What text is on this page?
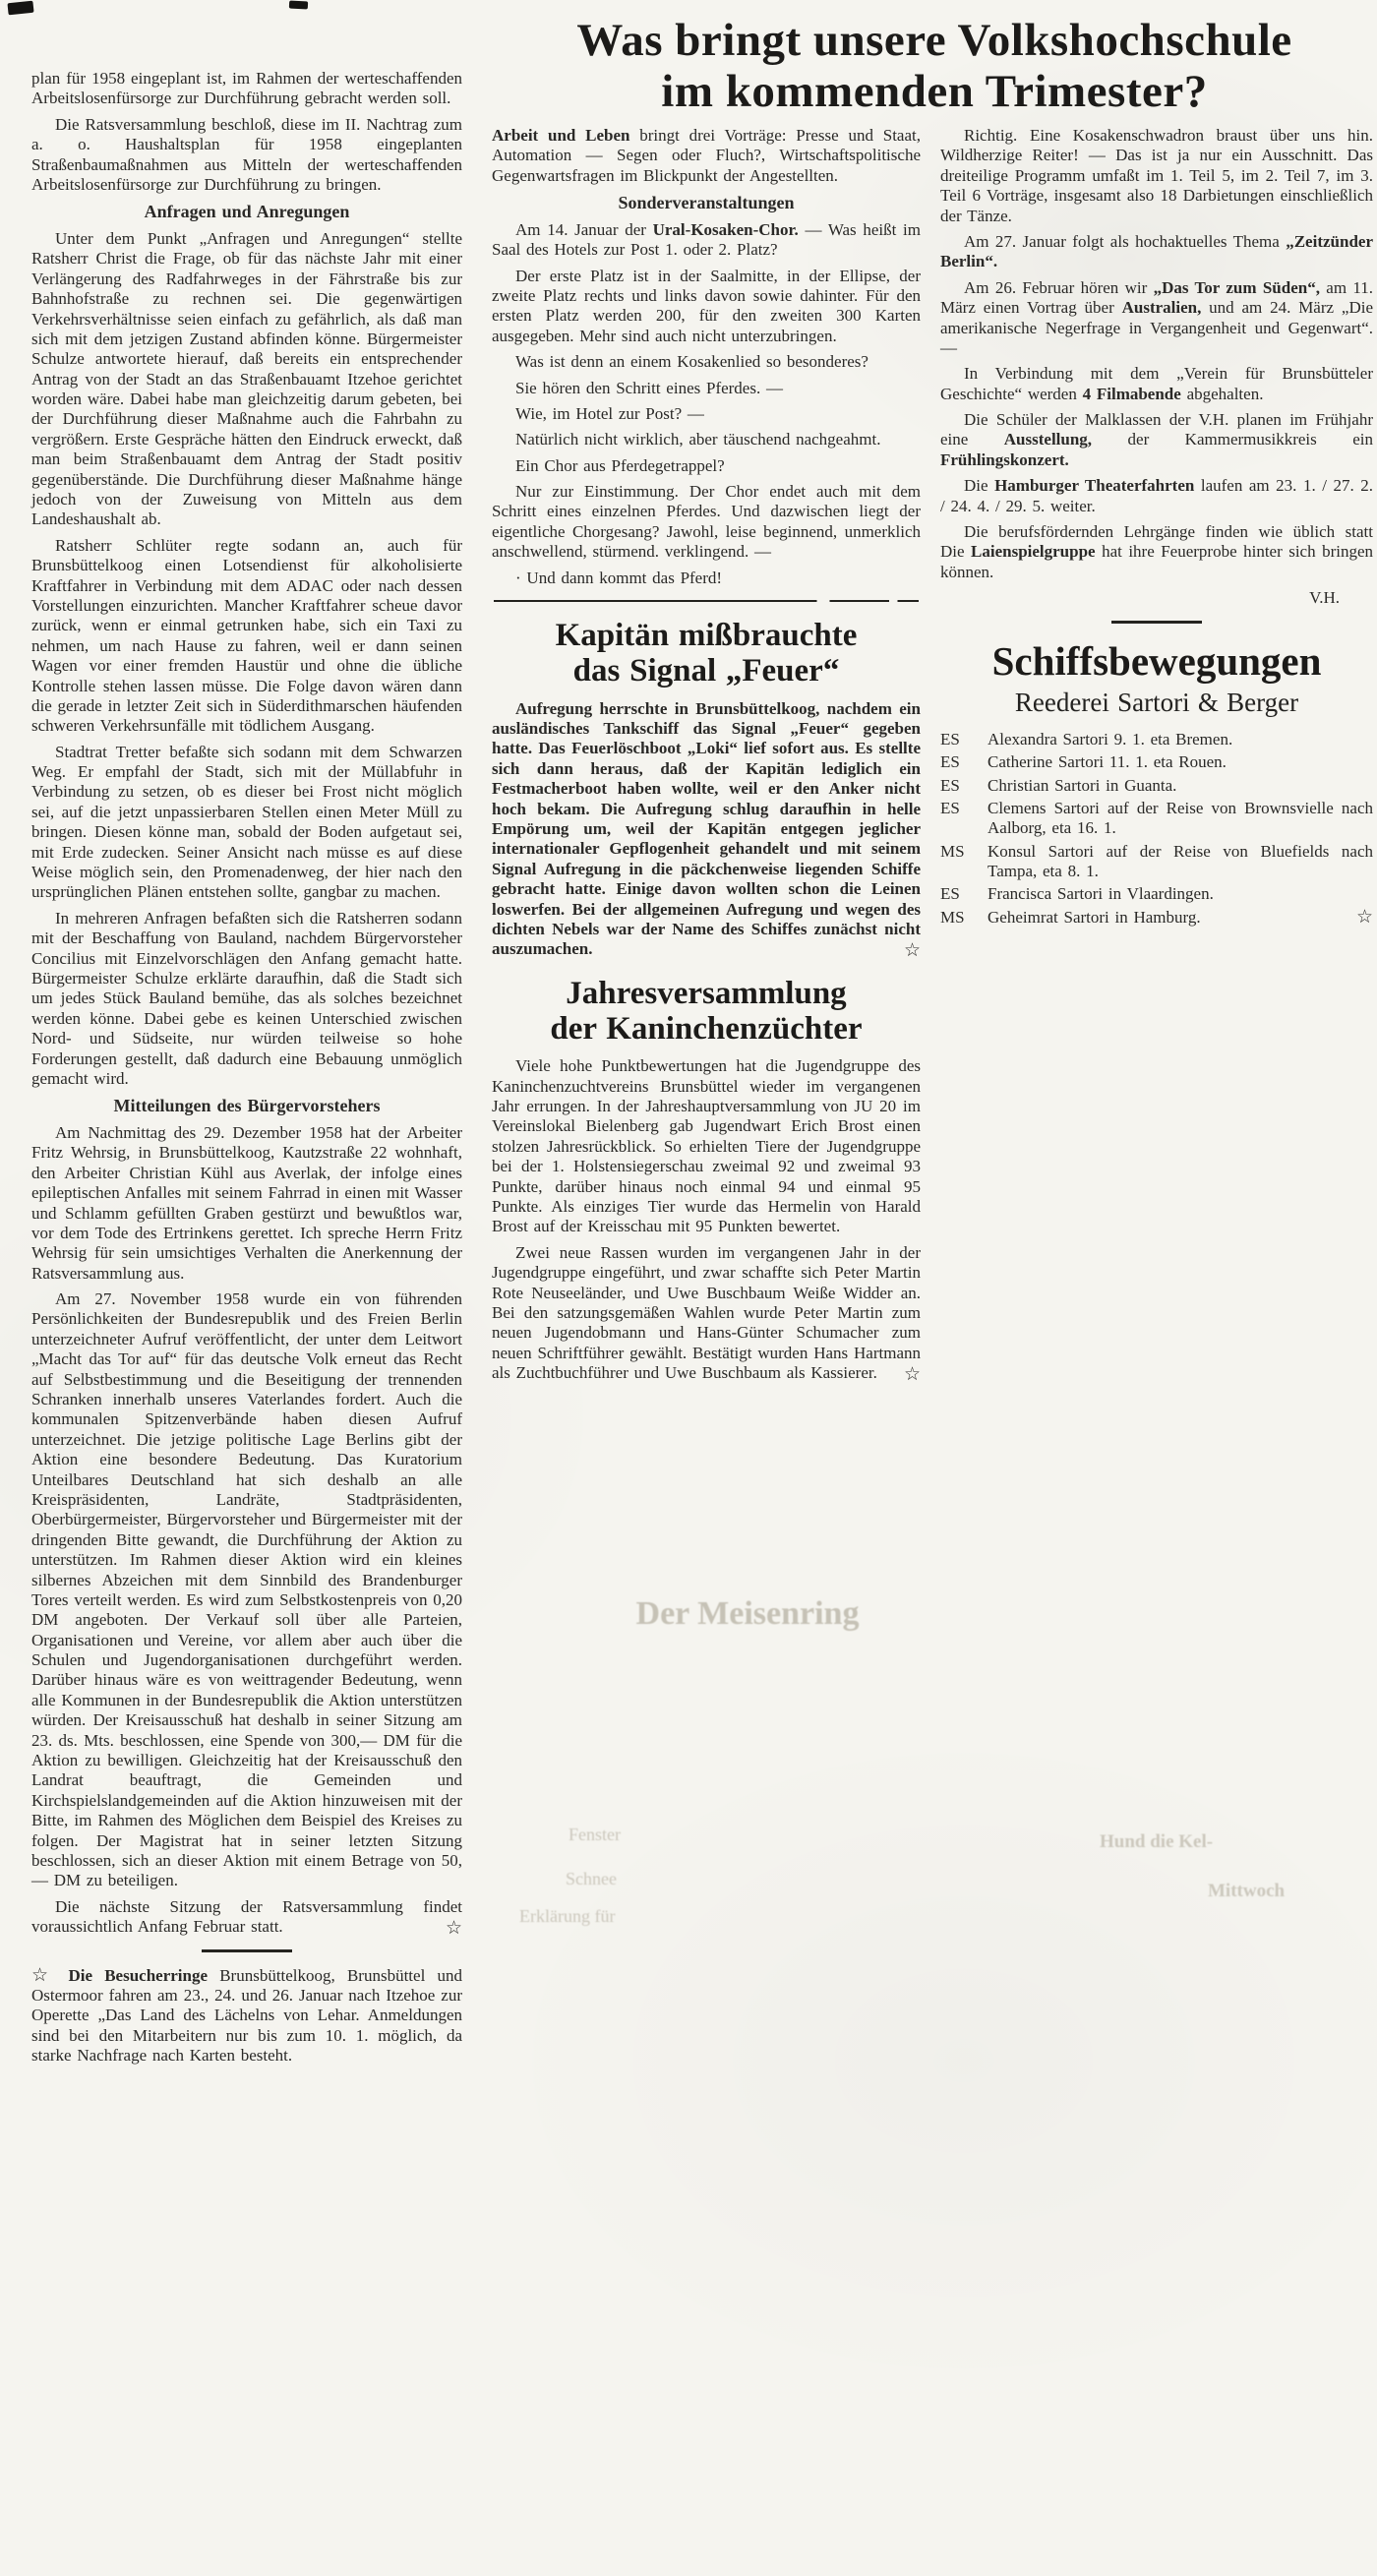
Der Meisenring
Fenster
Schnee
Erklärung für
Hund die Kel-
Mittwoch
Was bringt unsere Volkshochschule
im kommenden Trimester?

plan für 1958 eingeplant ist, im Rahmen der werteschaffenden Arbeitslosenfürsorge zur Durchführung gebracht werden soll.

Die Ratsversammlung beschloß, diese im II. Nachtrag zum a. o. Haushaltsplan für 1958 eingeplanten Straßenbaumaßnahmen aus Mitteln der werteschaffenden Arbeitslosenfürsorge zur Durchführung zu bringen.

Anfragen und Anregungen

Unter dem Punkt „Anfragen und Anregungen“ stellte Ratsherr Christ die Frage, ob für das nächste Jahr mit einer Verlängerung des Radfahrweges in der Fährstraße bis zur Bahnhofstraße zu rechnen sei. Die gegenwärtigen Verkehrsverhältnisse seien einfach zu gefährlich, als daß man sich mit dem jetzigen Zustand abfinden könne. Bürgermeister Schulze antwortete hierauf, daß bereits ein entsprechender Antrag von der Stadt an das Straßenbauamt Itzehoe gerichtet worden wäre. Dabei habe man gleichzeitig darum gebeten, bei der Durchführung dieser Maßnahme auch die Fahrbahn zu vergrößern. Erste Gespräche hätten den Eindruck erweckt, daß man beim Straßenbauamt dem Antrag der Stadt positiv gegenüberstände. Die Durchführung dieser Maßnahme hänge jedoch von der Zuweisung von Mitteln aus dem Landeshaushalt ab.

Ratsherr Schlüter regte sodann an, auch für Brunsbüttelkoog einen Lotsendienst für alkoholisierte Kraftfahrer in Verbindung mit dem ADAC oder nach dessen Vorstellungen einzurichten. Mancher Kraftfahrer scheue davor zurück, wenn er einmal getrunken habe, sich ein Taxi zu nehmen, um nach Hause zu fahren, weil er dann seinen Wagen vor einer fremden Haustür und ohne die übliche Kontrolle stehen lassen müsse. Die Folge davon wären dann die gerade in letzter Zeit sich in Süderdithmarschen häufenden schweren Verkehrsunfälle mit tödlichem Ausgang.

Stadtrat Tretter befaßte sich sodann mit dem Schwarzen Weg. Er empfahl der Stadt, sich mit der Müllabfuhr in Verbindung zu setzen, ob es dieser bei Frost nicht möglich sei, auf die jetzt unpassierbaren Stellen einen Meter Müll zu bringen. Diesen könne man, sobald der Boden aufgetaut sei, mit Erde zudecken. Seiner Ansicht nach müsse es auf diese Weise möglich sein, den Promenadenweg, der hier nach den ursprünglichen Plänen entstehen sollte, gangbar zu machen.

In mehreren Anfragen befaßten sich die Ratsherren sodann mit der Beschaffung von Bauland, nachdem Bürgervorsteher Concilius mit Einzelvorschlägen den Anfang gemacht hatte. Bürgermeister Schulze erklärte daraufhin, daß die Stadt sich um jedes Stück Bauland bemühe, das als solches bezeichnet werden könne. Dabei gebe es keinen Unterschied zwischen Nord- und Südseite, nur würden teilweise so hohe Forderungen gestellt, daß dadurch eine Bebauung unmöglich gemacht wird.

Mitteilungen des Bürgervorstehers

Am Nachmittag des 29. Dezember 1958 hat der Arbeiter Fritz Wehrsig, in Brunsbüttelkoog, Kautzstraße 22 wohnhaft, den Arbeiter Christian Kühl aus Averlak, der infolge eines epileptischen Anfalles mit seinem Fahrrad in einen mit Wasser und Schlamm gefüllten Graben gestürzt und bewußtlos war, vor dem Tode des Ertrinkens gerettet. Ich spreche Herrn Fritz Wehrsig für sein umsichtiges Verhalten die Anerkennung der Ratsversammlung aus.

Am 27. November 1958 wurde ein von führenden Persönlichkeiten der Bundesrepublik und des Freien Berlin unterzeichneter Aufruf veröffentlicht, der unter dem Leitwort „Macht das Tor auf“ für das deutsche Volk erneut das Recht auf Selbstbestimmung und die Beseitigung der trennenden Schranken innerhalb unseres Vaterlandes fordert. Auch die kommunalen Spitzenverbände haben diesen Aufruf unterzeichnet. Die jetzige politische Lage Berlins gibt der Aktion eine besondere Bedeutung. Das Kuratorium Unteilbares Deutschland hat sich deshalb an alle Kreispräsidenten, Landräte, Stadtpräsidenten, Oberbürgermeister, Bürgervorsteher und Bürgermeister mit der dringenden Bitte gewandt, die Durchführung der Aktion zu unterstützen. Im Rahmen dieser Aktion wird ein kleines silbernes Abzeichen mit dem Sinnbild des Brandenburger Tores verteilt werden. Es wird zum Selbstkostenpreis von 0,20 DM angeboten. Der Verkauf soll über alle Parteien, Organisationen und Vereine, vor allem aber auch über die Schulen und Jugendorganisationen durchgeführt werden. Darüber hinaus wäre es von weittragender Bedeutung, wenn alle Kommunen in der Bundesrepublik die Aktion unterstützen würden. Der Kreisausschuß hat deshalb in seiner Sitzung am 23. ds. Mts. beschlossen, eine Spende von 300,— DM für die Aktion zu bewilligen. Gleichzeitig hat der Kreisausschuß den Landrat beauftragt, die Gemeinden und Kirchspielslandgemeinden auf die Aktion hinzuweisen mit der Bitte, im Rahmen des Möglichen dem Beispiel des Kreises zu folgen. Der Magistrat hat in seiner letzten Sitzung beschlossen, sich an dieser Aktion mit einem Betrage von 50,— DM zu beteiligen.

Die nächste Sitzung der Ratsversammlung findet voraussichtlich Anfang Februar statt.	☆

☆ Die Besucherringe Brunsbüttelkoog, Brunsbüttel und Ostermoor fahren am 23., 24. und 26. Januar nach Itzehoe zur Operette „Das Land des Lächelns von Lehar. Anmeldungen sind bei den Mitarbeitern nur bis zum 10. 1. möglich, da starke Nachfrage nach Karten besteht.

Arbeit und Leben bringt drei Vorträge: Presse und Staat, Automation — Segen oder Fluch?, Wirtschaftspolitische Gegenwartsfragen im Blickpunkt der Angestellten.

Sonderveranstaltungen

Am 14. Januar der Ural-Kosaken-Chor. — Was heißt im Saal des Hotels zur Post 1. oder 2. Platz?

Der erste Platz ist in der Saalmitte, in der Ellipse, der zweite Platz rechts und links davon sowie dahinter. Für den ersten Platz werden 200, für den zweiten 300 Karten ausgegeben. Mehr sind auch nicht unterzubringen.

Was ist denn an einem Kosakenlied so besonderes?

Sie hören den Schritt eines Pferdes. —

Wie, im Hotel zur Post? —

Natürlich nicht wirklich, aber täuschend nachgeahmt.

Ein Chor aus Pferdegetrappel?

Nur zur Einstimmung. Der Chor endet auch mit dem Schritt eines einzelnen Pferdes. Und dazwischen liegt der eigentliche Chorgesang? Jawohl, leise beginnend, unmerklich anschwellend, stürmend. verklingend. —

· Und dann kommt das Pferd!

Kapitän mißbrauchte
das Signal „Feuer“

Aufregung herrschte in Brunsbüttelkoog, nachdem ein ausländisches Tankschiff das Signal „Feuer“ gegeben hatte. Das Feuerlöschboot „Loki“ lief sofort aus. Es stellte sich dann heraus, daß der Kapitän lediglich ein Festmacherboot haben wollte, weil er den Anker nicht hoch bekam. Die Aufregung schlug daraufhin in helle Empörung um, weil der Kapitän entgegen jeglicher internationaler Gepflogenheit gehandelt und mit seinem Signal Aufregung in die päckchenweise liegenden Schiffe gebracht hatte. Einige davon wollten schon die Leinen loswerfen. Bei der allgemeinen Aufregung und wegen des dichten Nebels war der Name des Schiffes zunächst nicht auszumachen.	☆

Jahresversammlung
der Kaninchenzüchter

Viele hohe Punktbewertungen hat die Jugendgruppe des Kaninchenzuchtvereins Brunsbüttel wieder im vergangenen Jahr errungen. In der Jahreshauptversammlung von JU 20 im Vereinslokal Bielenberg gab Jugendwart Erich Brost einen stolzen Jahresrückblick. So erhielten Tiere der Jugendgruppe bei der 1. Holstensiegerschau zweimal 92 und zweimal 93 Punkte, darüber hinaus noch einmal 94 und einmal 95 Punkte. Als einziges Tier wurde das Hermelin von Harald Brost auf der Kreisschau mit 95 Punkten bewertet.

Zwei neue Rassen wurden im vergangenen Jahr in der Jugendgruppe eingeführt, und zwar schaffte sich Peter Martin Rote Neuseeländer, und Uwe Buschbaum Weiße Widder an. Bei den satzungsgemäßen Wahlen wurde Peter Martin zum neuen Jugendobmann und Hans-Günter Schumacher zum neuen Schriftführer gewählt. Bestätigt wurden Hans Hartmann als Zuchtbuchführer und Uwe Buschbaum als Kassierer.	☆

Richtig. Eine Kosakenschwadron braust über uns hin. Wildherzige Reiter! — Das ist ja nur ein Ausschnitt. Das dreiteilige Programm umfaßt im 1. Teil 5, im 2. Teil 7, im 3. Teil 6 Vorträge, insgesamt also 18 Darbietungen einschließlich der Tänze.

Am 27. Januar folgt als hochaktuelles Thema „Zeitzünder Berlin“.

Am 26. Februar hören wir „Das Tor zum Süden“, am 11. März einen Vortrag über Australien, und am 24. März „Die amerikanische Negerfrage in Vergangenheit und Gegenwart“. —

In Verbindung mit dem „Verein für Brunsbütteler Geschichte“ werden 4 Filmabende abgehalten.

Die Schüler der Malklassen der V.H. planen im Frühjahr eine Ausstellung, der Kammermusikkreis ein Frühlingskonzert.

Die Hamburger Theaterfahrten laufen am 23. 1. / 27. 2. / 24. 4. / 29. 5. weiter.

Die berufsfördernden Lehrgänge finden wie üblich statt Die Laienspielgruppe hat ihre Feuerprobe hinter sich bringen können.

V.H.

Schiffsbewegungen
Reederei Sartori & Berger
ES	Alexandra Sartori 9. 1. eta Bremen.
ES	Catherine Sartori 11. 1. eta Rouen.
ES	Christian Sartori in Guanta.
ES	Clemens Sartori auf der Reise von Brownsvielle nach Aalborg, eta 16. 1.
MS	Konsul Sartori auf der Reise von Bluefields nach Tampa, eta 8. 1.
ES	Francisca Sartori in Vlaardingen.
MS	Geheimrat Sartori in Hamburg.	☆
